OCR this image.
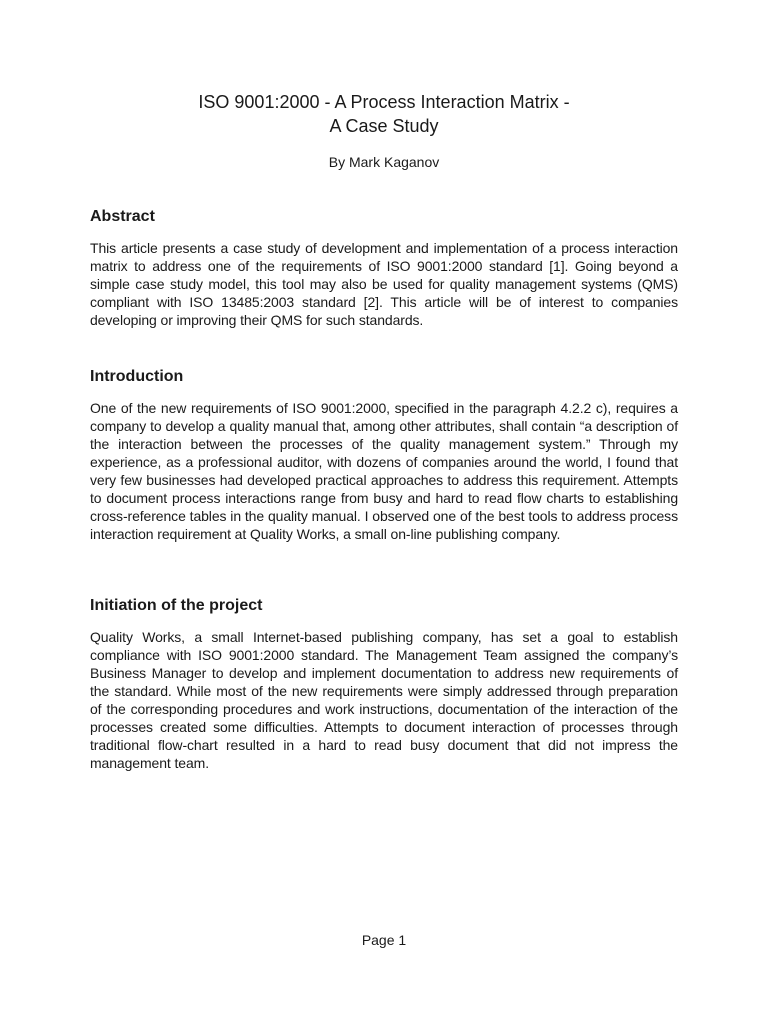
ISO 9001:2000 - A Process Interaction Matrix -
A Case Study

By Mark Kaganov

Abstract

This article presents a case study of development and implementation of a process interaction matrix to address one of the requirements of ISO 9001:2000 standard [1]. Going beyond a simple case study model, this tool may also be used for quality management systems (QMS) compliant with ISO 13485:2003 standard [2]. This article will be of interest to companies developing or improving their QMS for such standards.

Introduction

One of the new requirements of ISO 9001:2000, specified in the paragraph 4.2.2 c), requires a company to develop a quality manual that, among other attributes, shall contain “a description of the interaction between the processes of the quality management system.” Through my experience, as a professional auditor, with dozens of companies around the world, I found that very few businesses had developed practical approaches to address this requirement. Attempts to document process interactions range from busy and hard to read flow charts to establishing cross-reference tables in the quality manual. I observed one of the best tools to address process interaction requirement at Quality Works, a small on-line publishing company.

Initiation of the project

Quality Works, a small Internet-based publishing company, has set a goal to establish compliance with ISO 9001:2000 standard. The Management Team assigned the company’s Business Manager to develop and implement documentation to address new requirements of the standard. While most of the new requirements were simply addressed through preparation of the corresponding procedures and work instructions, documentation of the interaction of the processes created some difficulties. Attempts to document interaction of processes through traditional flow-chart resulted in a hard to read busy document that did not impress the management team.

Page 1
